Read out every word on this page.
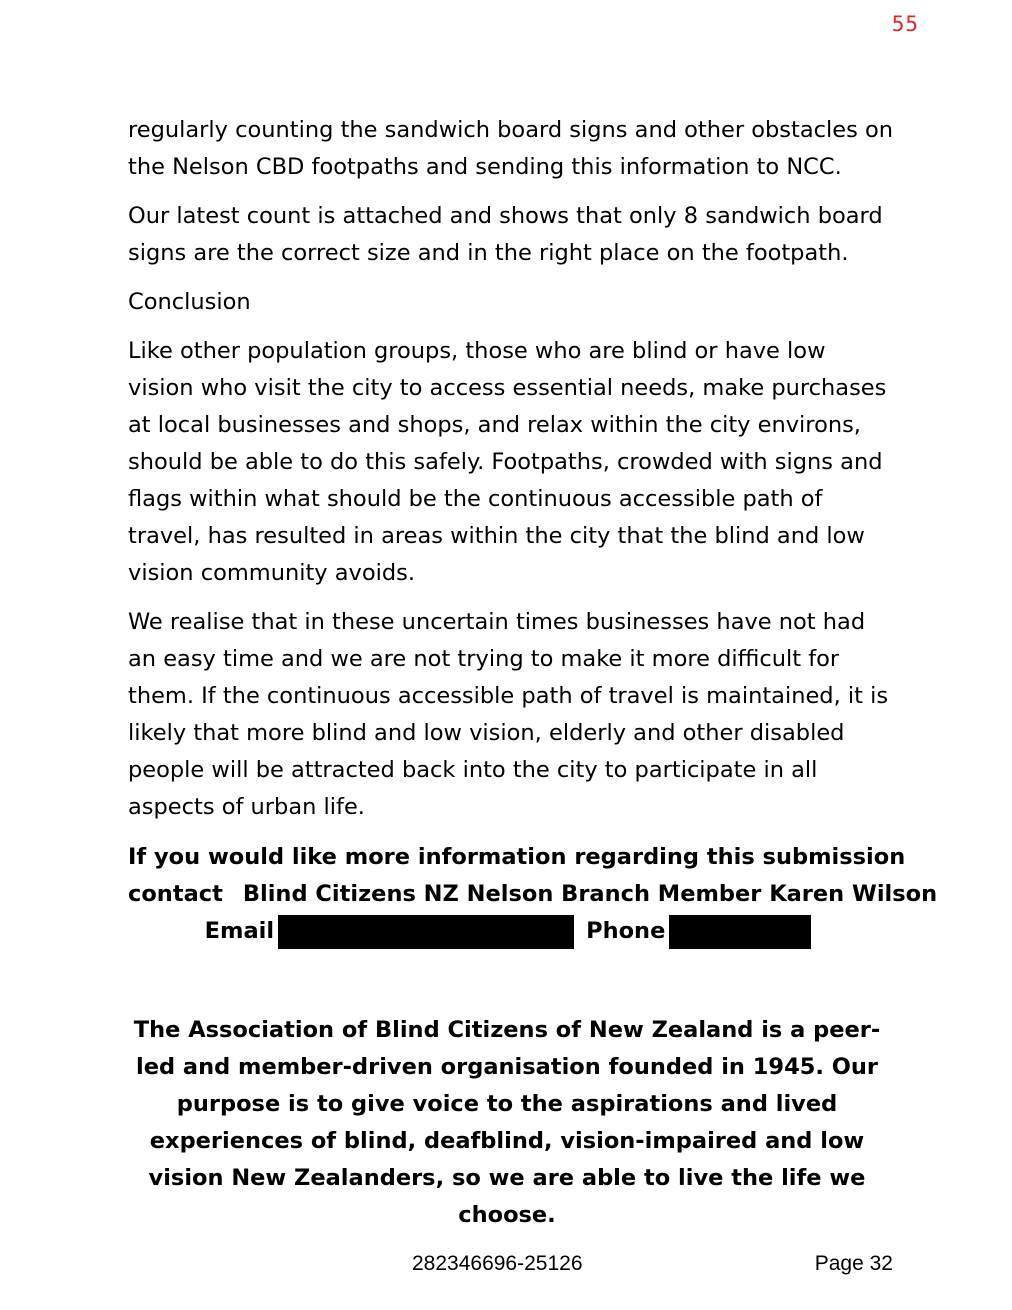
55

regularly counting the sandwich board signs and other obstacles on the Nelson CBD footpaths and sending this information to NCC.

Our latest count is attached and shows that only 8 sandwich board signs are the correct size and in the right place on the footpath.

Conclusion

Like other population groups, those who are blind or have low vision who visit the city to access essential needs, make purchases at local businesses and shops, and relax within the city environs, should be able to do this safely. Footpaths, crowded with signs and flags within what should be the continuous accessible path of travel, has resulted in areas within the city that the blind and low vision community avoids.

We realise that in these uncertain times businesses have not had an easy time and we are not trying to make it more difficult for them. If the continuous accessible path of travel is maintained, it is likely that more blind and low vision, elderly and other disabled people will be attracted back into the city to participate in all aspects of urban life.

If you would like more information regarding this submission
contact Blind Citizens NZ Nelson Branch Member Karen Wilson
Email	Phone
The Association of Blind Citizens of New Zealand is a peer-led and member-driven organisation founded in 1945. Our purpose is to give voice to the aspirations and lived experiences of blind, deafblind, vision-impaired and low vision New Zealanders, so we are able to live the life we choose.
282346696-25126	Page 32
